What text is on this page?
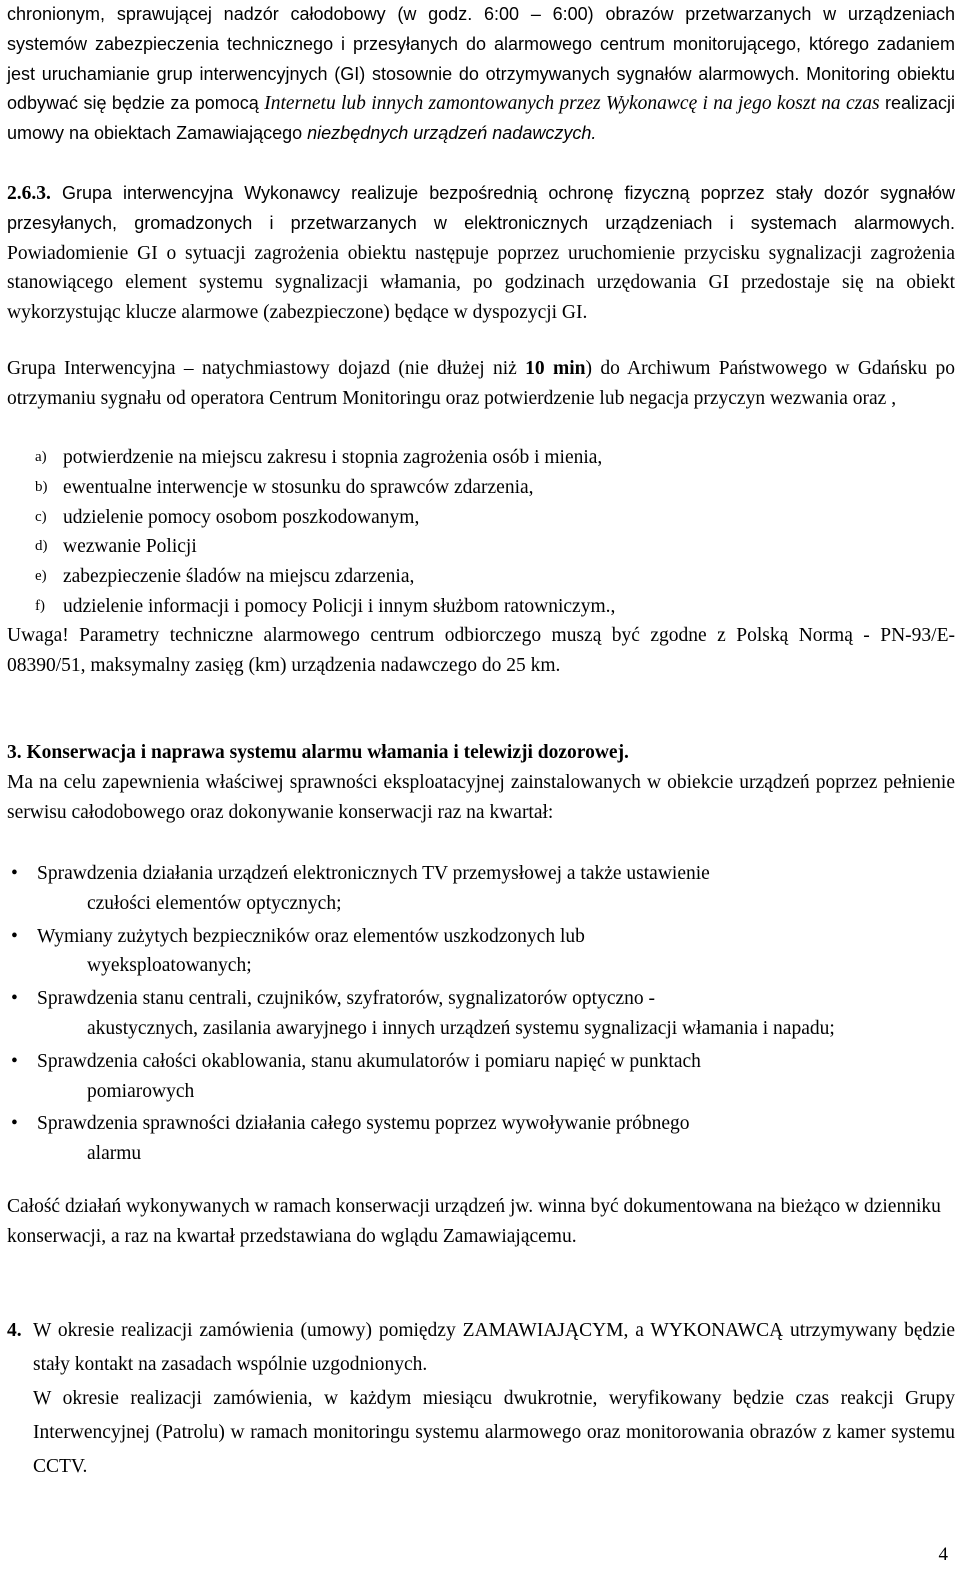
chronionym, sprawującej nadzór całodobowy (w godz. 6:00 – 6:00) obrazów przetwarzanych w urządzeniach systemów zabezpieczenia technicznego i przesyłanych do alarmowego centrum monitorującego, którego zadaniem jest uruchamianie grup interwencyjnych (GI) stosownie do otrzymywanych sygnałów alarmowych. Monitoring obiektu odbywać się będzie za pomocą Internetu lub innych zamontowanych przez Wykonawcę i na jego koszt na czas realizacji umowy na obiektach Zamawiającego niezbędnych urządzeń nadawczych.

2.6.3. Grupa interwencyjna Wykonawcy realizuje bezpośrednią ochronę fizyczną poprzez stały dozór sygnałów przesyłanych, gromadzonych i przetwarzanych w elektronicznych urządzeniach i systemach alarmowych. Powiadomienie GI o sytuacji zagrożenia obiektu następuje poprzez uruchomienie przycisku sygnalizacji zagrożenia stanowiącego element systemu sygnalizacji włamania, po godzinach urzędowania GI przedostaje się na obiekt wykorzystując klucze alarmowe (zabezpieczone) będące w dyspozycji GI.

Grupa Interwencyjna – natychmiastowy dojazd (nie dłużej niż 10 min) do Archiwum Państwowego w Gdańsku po otrzymaniu sygnału od operatora Centrum Monitoringu oraz potwierdzenie lub negacja przyczyn wezwania oraz ,

a) potwierdzenie na miejscu zakresu i stopnia zagrożenia osób i mienia,
b) ewentualne interwencje w stosunku do sprawców zdarzenia,
c) udzielenie pomocy osobom poszkodowanym,
d) wezwanie Policji
e) zabezpieczenie śladów na miejscu zdarzenia,
f) udzielenie informacji i pomocy Policji i innym służbom ratowniczym.,

Uwaga! Parametry techniczne alarmowego centrum odbiorczego muszą być zgodne z Polską Normą - PN-93/E-08390/51, maksymalny zasięg (km) urządzenia nadawczego do 25 km.

3. Konserwacja i naprawa systemu alarmu włamania i telewizji dozorowej.

Ma na celu zapewnienia właściwej sprawności eksploatacyjnej zainstalowanych w obiekcie urządzeń poprzez pełnienie serwisu całodobowego oraz dokonywanie konserwacji raz na kwartał:

• Sprawdzenia działania urządzeń elektronicznych TV przemysłowej a także ustawienie
czułości elementów optycznych;
• Wymiany zużytych bezpieczników oraz elementów uszkodzonych lub
wyeksploatowanych;
• Sprawdzenia stanu centrali, czujników, szyfratorów, sygnalizatorów optyczno -
akustycznych, zasilania awaryjnego i innych urządzeń systemu sygnalizacji włamania i napadu;
• Sprawdzenia całości okablowania, stanu akumulatorów i pomiaru napięć w punktach
pomiarowych
• Sprawdzenia sprawności działania całego systemu poprzez wywoływanie próbnego
alarmu

Całość działań wykonywanych w ramach konserwacji urządzeń jw. winna być dokumentowana na bieżąco w dzienniku konserwacji, a raz na kwartał przedstawiana do wglądu Zamawiającemu.

4. W okresie realizacji zamówienia (umowy) pomiędzy ZAMAWIAJĄCYM, a WYKONAWCĄ utrzymywany będzie stały kontakt na zasadach wspólnie uzgodnionych.
W okresie realizacji zamówienia, w każdym miesiącu dwukrotnie, weryfikowany będzie czas reakcji Grupy Interwencyjnej (Patrolu) w ramach monitoringu systemu alarmowego oraz monitorowania obrazów z kamer systemu CCTV.
4
